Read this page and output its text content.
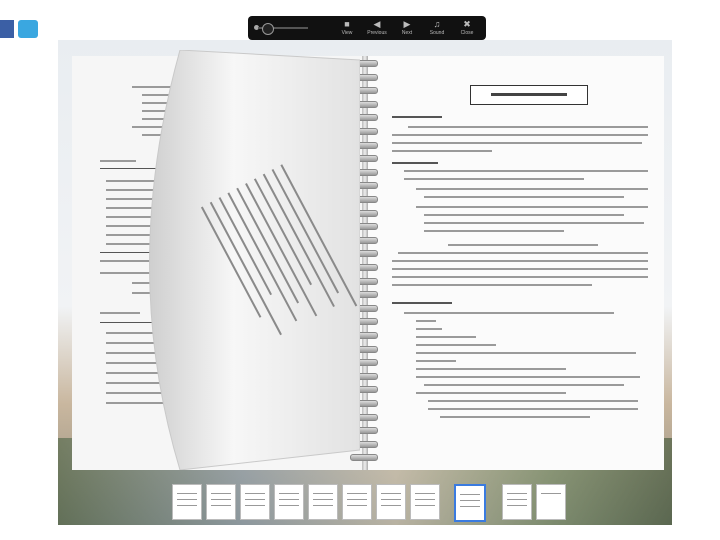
■
View
◀
Previous
▶
Next
♫
Sound
✖
Close
